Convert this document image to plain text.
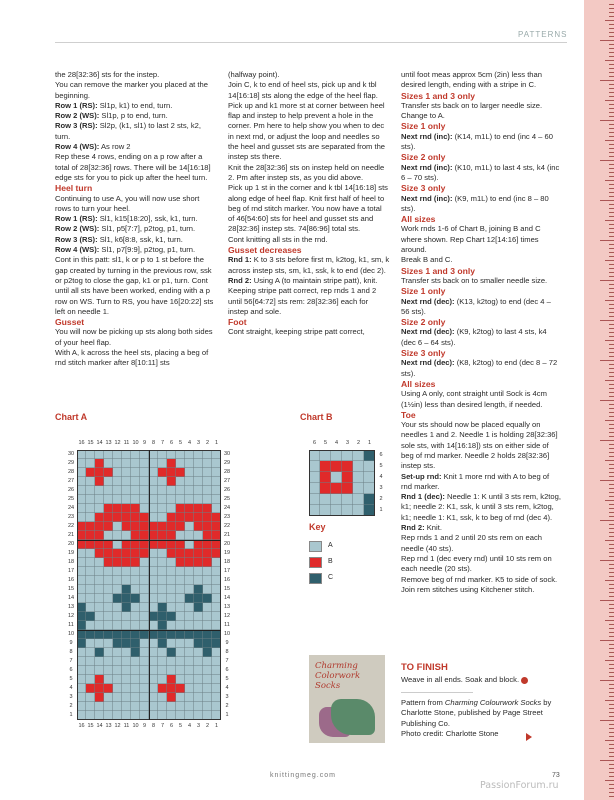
PATTERNS

the 28[32:36] sts for the instep.

You can remove the marker you placed at the beginning.

Row 1 (RS): Sl1p, k1) to end, turn.

Row 2 (WS): Sl1p, p to end, turn.

Row 3 (RS): Sl2p, (k1, sl1) to last 2 sts, k2, turn.

Row 4 (WS): As row 2

Rep these 4 rows, ending on a p row after a total of 28[32:36] rows. There will be 14[16:18] edge sts for you to pick up after the heel turn.

Heel turn

Continuing to use A, you will now use short rows to turn your heel.

Row 1 (RS): Sl1, k15[18:20], ssk, k1, turn.

Row 2 (WS): Sl1, p5[7:7], p2tog, p1, turn.

Row 3 (RS): Sl1, k6[8:8, ssk, k1, turn.

Row 4 (WS): Sl1, p7[9:9], p2tog, p1, turn.

Cont in this patt: sl1, k or p to 1 st before the gap created by turning in the previous row, ssk or p2tog to close the gap, k1 or p1, turn. Cont until all sts have been worked, ending with a p row on WS. Turn to RS, you have 16[20:22] sts left on needle 1.

Gusset

You will now be picking up sts along both sides of your heel flap.

With A, k across the heel sts, placing a beg of rnd stitch marker after 8[10:11] sts

(halfway point).

Join C, k to end of heel sts, pick up and k tbl 14[16:18] sts along the edge of the heel flap. Pick up and k1 more st at corner between heel flap and instep to help prevent a hole in the corner. Pm here to help show you when to dec in next rnd, or adjust the loop and needles so the heel and gusset sts are separated from the instep sts there.

Knit the 28[32:36] sts on instep held on needle 2. Pm after instep sts, as you did above.

Pick up 1 st in the corner and k tbl 14[16:18] sts along edge of heel flap. Knit first half of heel to beg of rnd stitch marker. You now have a total of 46[54:60] sts for heel and gusset sts and 28[32:36] instep sts. 74[86:96] total sts.

Cont knitting all sts in the rnd.

Gusset decreases

Rnd 1: K to 3 sts before first m, k2tog, k1, sm, k across instep sts, sm, k1, ssk, k to end (dec 2).

Rnd 2: Using A (to maintain stripe patt), knit. Keeping stripe patt correct, rep rnds 1 and 2 until 56[64:72] sts rem: 28[32:36] each for instep and sole.

Foot

Cont straight, keeping stripe patt correct,

until foot meas approx 5cm (2in) less than desired length, ending with a stripe in C.

Sizes 1 and 3 only

Transfer sts back on to larger needle size. Change to A.

Size 1 only

Next rnd (inc): (K14, m1L) to end (inc 4 – 60 sts).

Size 2 only

Next rnd (inc): (K10, m1L) to last 4 sts, k4 (inc 6 – 70 sts).

Size 3 only

Next rnd (inc): (K9, m1L) to end (inc 8 – 80 sts).

All sizes

Work rnds 1-6 of Chart B, joining B and C where shown. Rep Chart 12[14:16] times around.

Break B and C.

Sizes 1 and 3 only

Transfer sts back on to smaller needle size.

Size 1 only

Next rnd (dec): (K13, k2tog) to end (dec 4 – 56 sts).

Size 2 only

Next rnd (dec): (K9, k2tog) to last 4 sts, k4 (dec 6 – 64 sts).

Size 3 only

Next rnd (dec): (K8, k2tog) to end (dec 8 – 72 sts).

All sizes

Using A only, cont straight until Sock is 4cm (1½in) less than desired length, if needed.

Toe

Your sts should now be placed equally on needles 1 and 2. Needle 1 is holding 28[32:36] sole sts, with 14[16:18]) sts on either side of beg of rnd marker. Needle 2 holds 28[32:36] instep sts.

Set-up rnd: Knit 1 more rnd with A to beg of rnd marker.

Rnd 1 (dec): Needle 1: K until 3 sts rem, k2tog, k1; needle 2: K1, ssk, k until 3 sts rem, k2tog, k1; needle 1: K1, ssk, k to beg of rnd (dec 4).

Rnd 2: Knit.

Rep rnds 1 and 2 until 20 sts rem on each needle (40 sts).

Rep rnd 1 (dec every rnd) until 10 sts rem on each needle (20 sts).

Remove beg of rnd marker. K5 to side of sock. Join rem stitches using Kitchener stitch.

Chart A
16
16
15
15
14
14
13
13
12
12
11
11
10
10
9
9
8
8
7
7
6
6
5
5
4
4
3
3
2
2
1
1
30	30
29	29
28	28
27	27
26	26
25	25
24	24
23	23
22	22
21	21
20	20
19	19
18	18
17	17
16	16
15	15
14	14
13	13
12	12
11	11
10	10
9	9
8	8
7	7
6	6
5	5
4	4
3	3
2	2
1	1
Chart B
6	5	4	3	2	1
6
5
4
3
2
1
Key
A
B
C
Charming
Colorwork
Socks

TO FINISH

Weave in all ends. Soak and block.

Pattern from Charming Colourwork Socks by Charlotte Stone, published by Page Street Publishing Co.

Photo credit: Charlotte Stone

knittingmeg.com	73
PassionForum.ru
